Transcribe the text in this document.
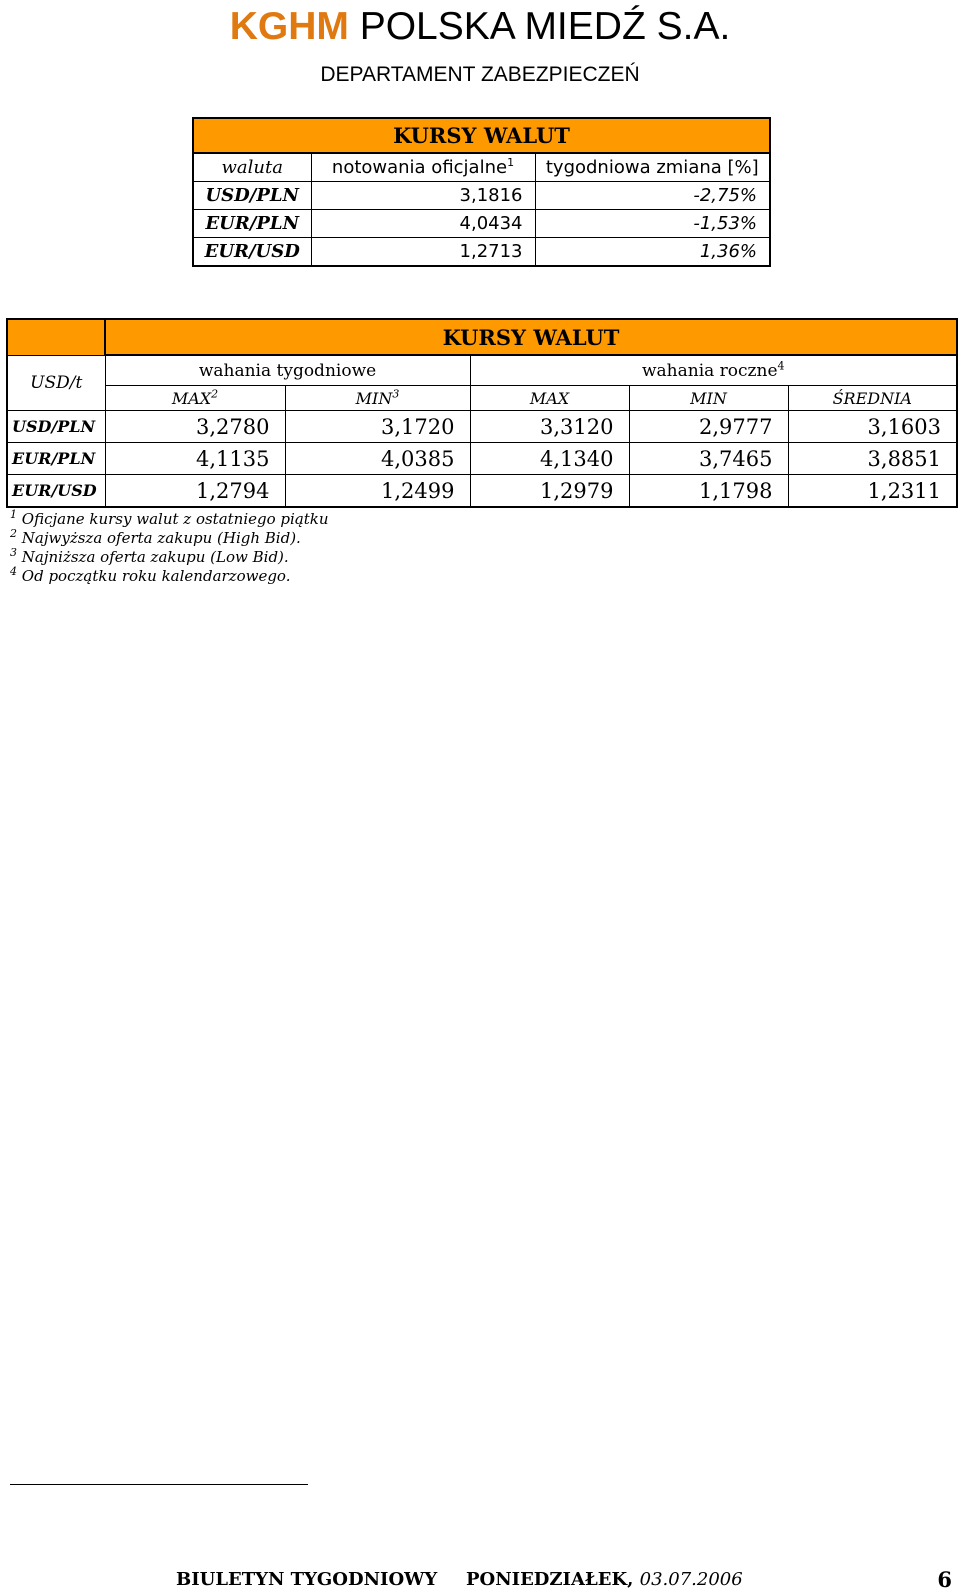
KGHM POLSKA MIEDŹ S.A.
DEPARTAMENT ZABEZPIECZEŃ
KURSY WALUT		
waluta	notowania oficjalne$^1$	tygodniowa zmiana [%]
USD/PLN	3,1816	-2,75%
EUR/PLN	4,0434	-1,53%
EUR/USD	1,2713	1,36%
	KURSY WALUT				
USD/t	wahania tygodniowe		wahania roczne$^4$
	MAX$^2$	MIN$^3$	MAX	MIN	ŚREDNIA
USD/PLN	3,2780	3,1720	3,3120	2,9777	3,1603
EUR/PLN	4,1135	4,0385	4,1340	3,7465	3,8851
EUR/USD	1,2794	1,2499	1,2979	1,1798	1,2311
$^1$ Oficjane kursy walut z ostatniego piątku
$^2$ Najwyższa oferta zakupu (High Bid).
$^3$ Najniższa oferta zakupu (Low Bid).
$^4$ Od początku roku kalendarzowego.
BIULETYN TYGODNIOWY PONIEDZIAŁEK, 03.07.2006	6
